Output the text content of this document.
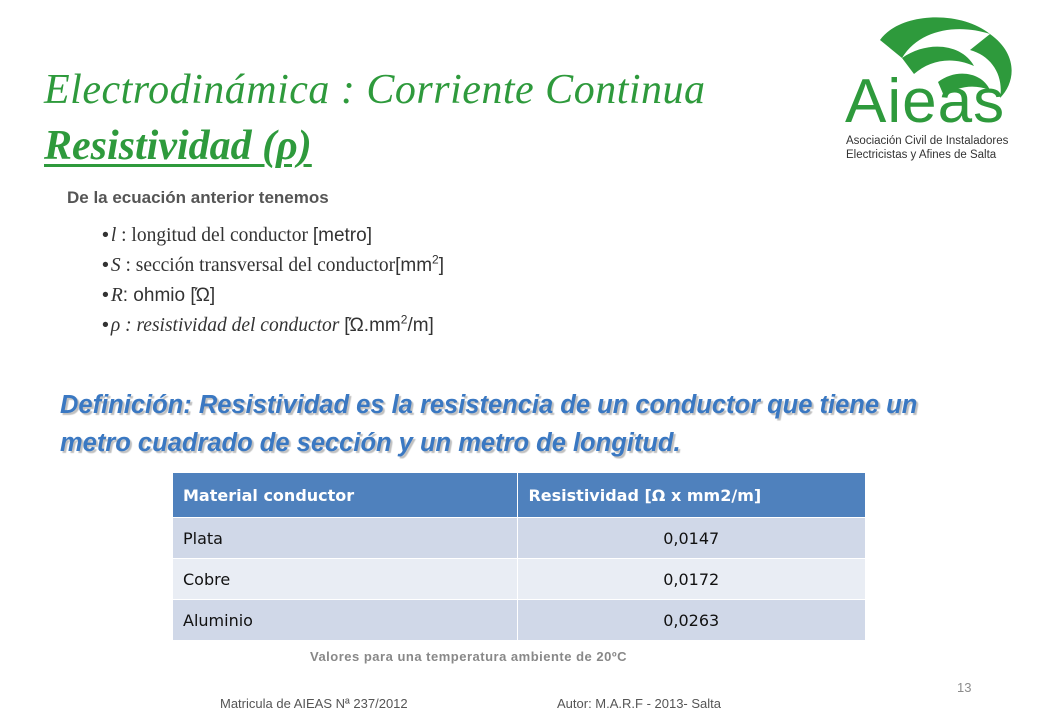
Electrodinámica : Corriente Continua
Resistividad (ρ)
Aieas
Asociación Civil de Instaladores
Electricistas y Afines de Salta
De la ecuación anterior tenemos
• l : longitud del conductor [metro]
• S : sección transversal del $conductor[mm^2]$
• R: ohmio [Ώ]
• ρ : resistividad del conductor $[Ώ.mm^2/m]$
Definición: Resistividad es la resistencia de un conductor que tiene un metro cuadrado de sección y un metro de longitud.
Material conductor	Resistividad [Ω x mm2/m]
Plata	0,0147
Cobre	0,0172
Aluminio	0,0263
Valores para una temperatura ambiente de 20ºC
13
Matricula de AIEAS Nª 237/2012	Autor: M.A.R.F - 2013- Salta
